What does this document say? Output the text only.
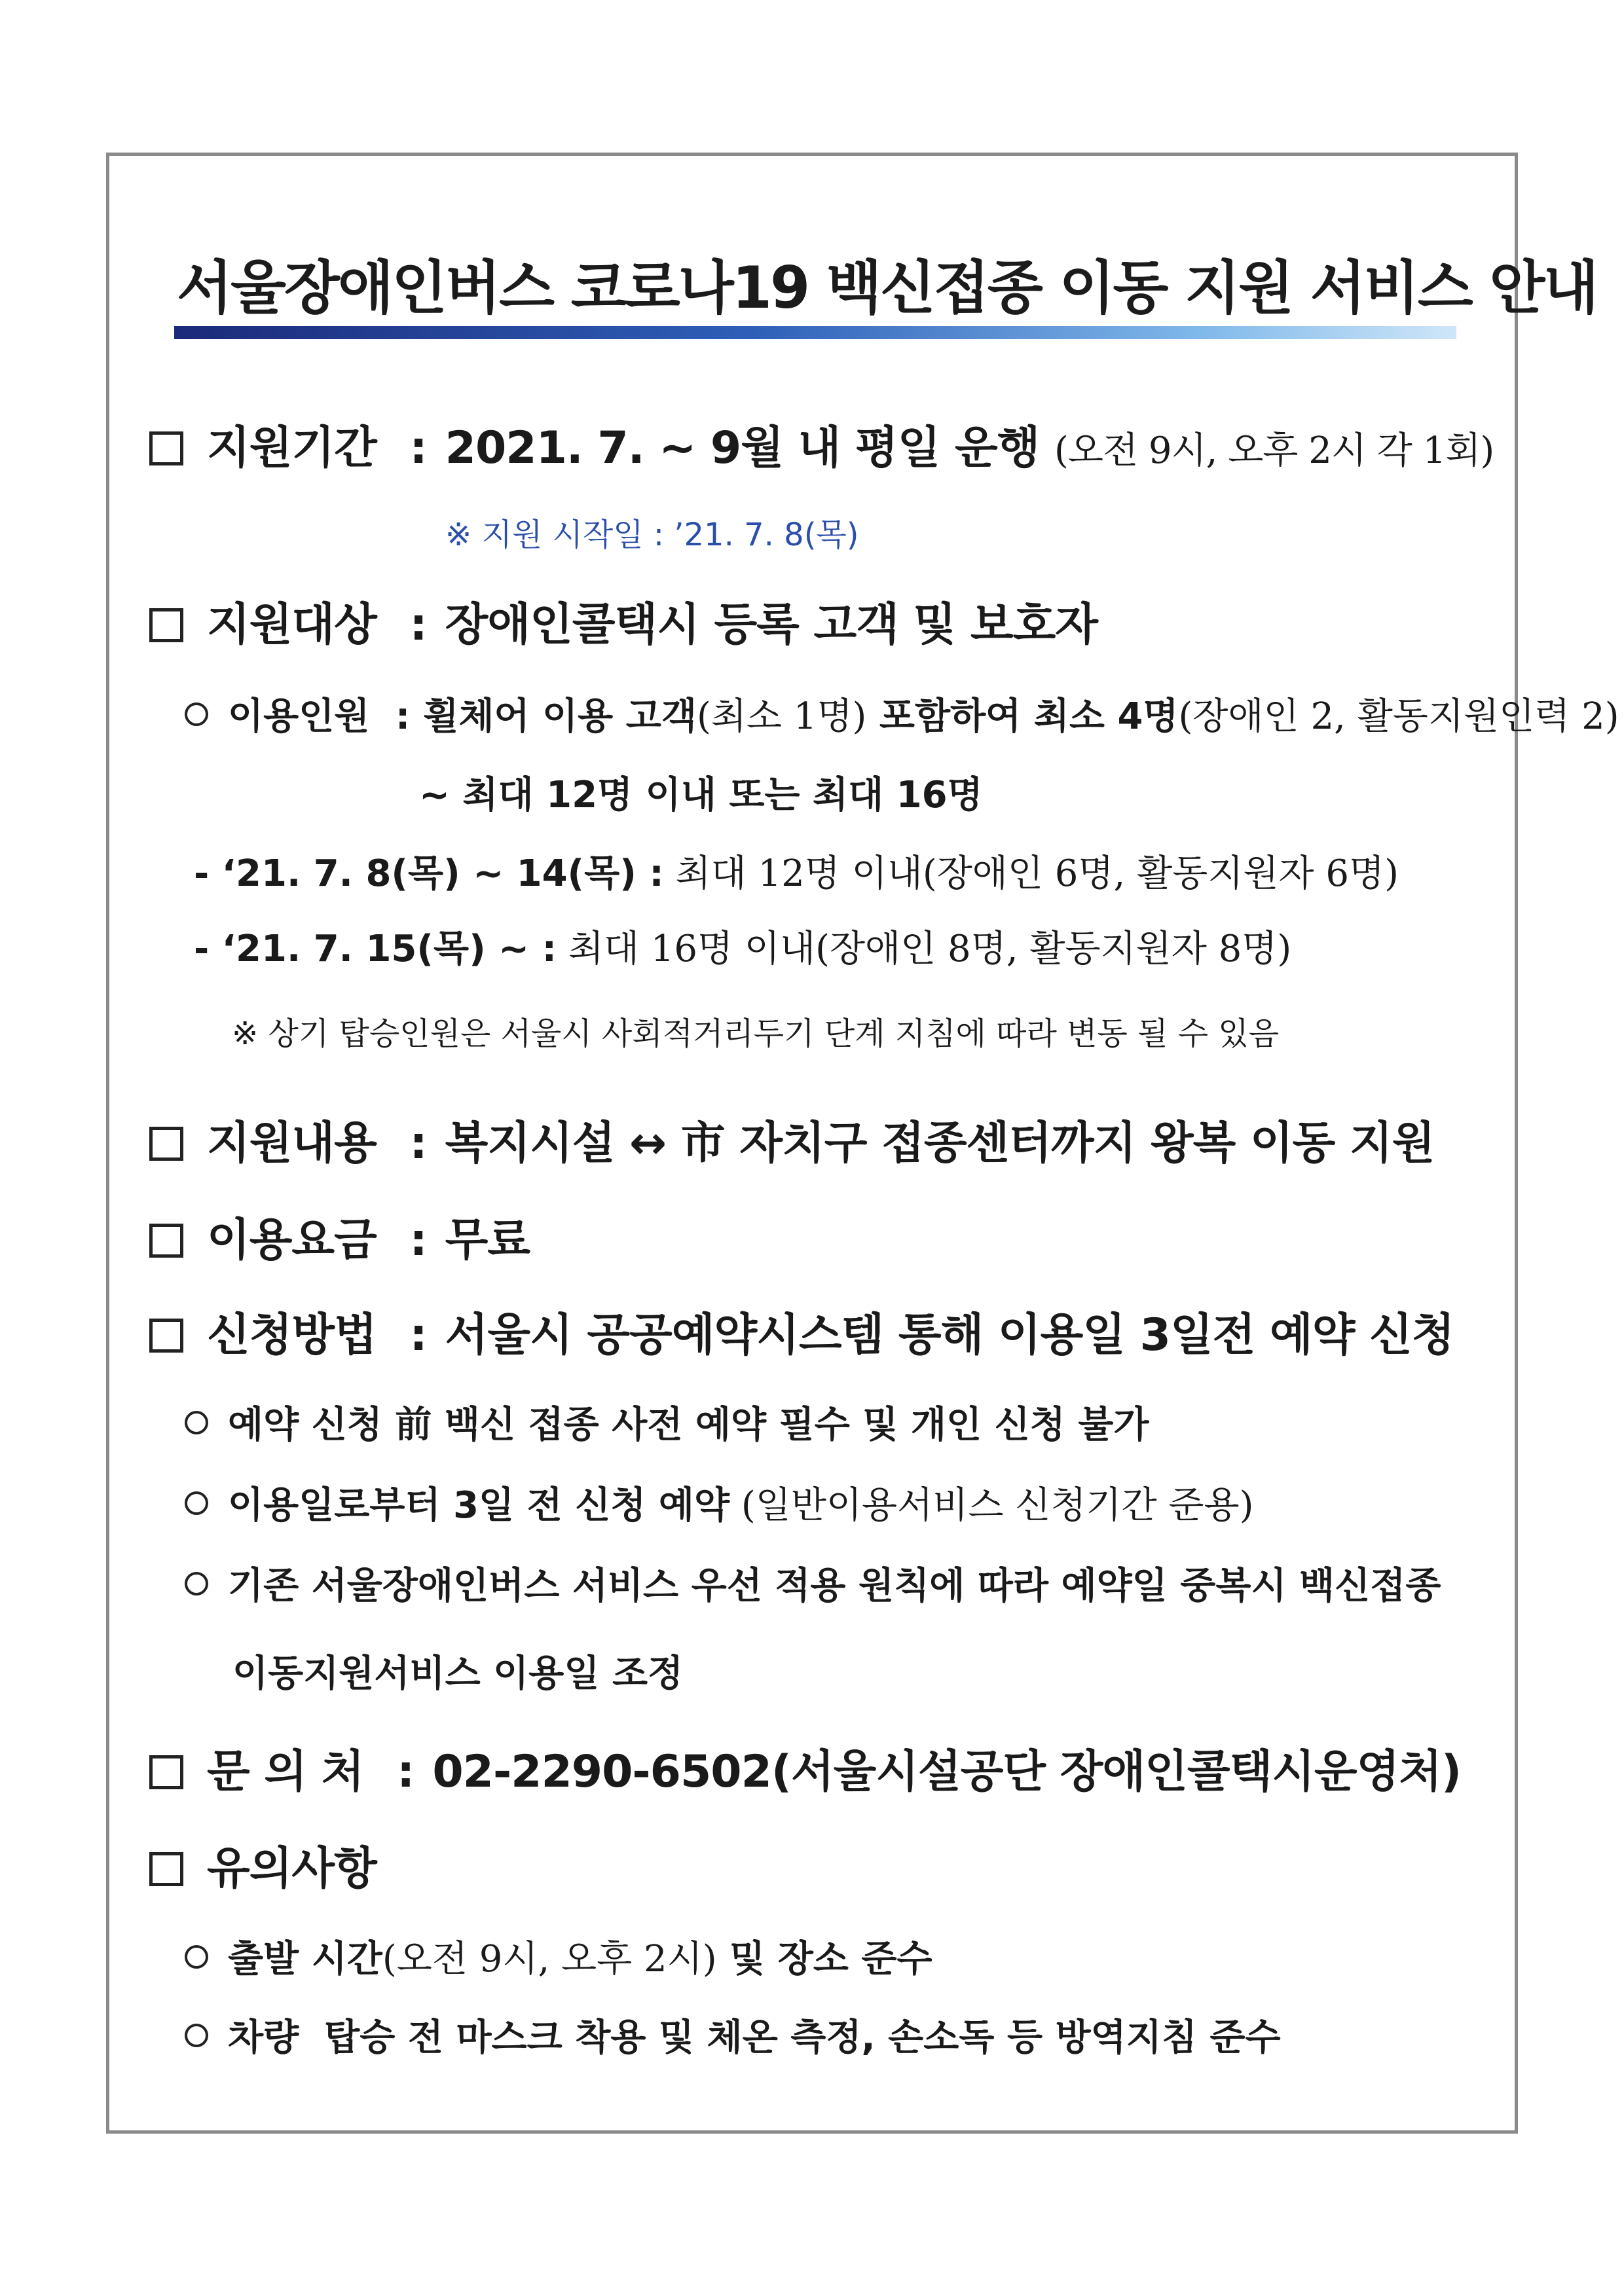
서울장애인버스 코로나19 백신접종 이동 지원 서비스 안내
지원기간 : 2021. 7. ~ 9월 내 평일 운행 (오전 9시, 오후 2시 각 1회)
※ 지원 시작일 : ’21. 7. 8(목)
지원대상 : 장애인콜택시 등록 고객 및 보호자
이용인원 : 휠체어 이용 고객(최소 1명) 포함하여 최소 4명(장애인 2, 활동지원인력 2)
~ 최대 12명 이내 또는 최대 16명
- ‘21. 7. 8(목) ~ 14(목) : 최대 12명 이내(장애인 6명, 활동지원자 6명)
- ‘21. 7. 15(목) ~ : 최대 16명 이내(장애인 8명, 활동지원자 8명)
※ 상기 탑승인원은 서울시 사회적거리두기 단계 지침에 따라 변동 될 수 있음
지원내용 : 복지시설 ↔ 市 자치구 접종센터까지 왕복 이동 지원
이용요금 : 무료
신청방법 : 서울시 공공예약시스템 통해 이용일 3일전 예약 신청
예약 신청 前 백신 접종 사전 예약 필수 및 개인 신청 불가
이용일로부터 3일 전 신청 예약 (일반이용서비스 신청기간 준용)
기존 서울장애인버스 서비스 우선 적용 원칙에 따라 예약일 중복시 백신접종
이동지원서비스 이용일 조정
문 의 처 : 02-2290-6502(서울시설공단 장애인콜택시운영처)
유의사항
출발 시간(오전 9시, 오후 2시) 및 장소 준수
차량  탑승 전 마스크 착용 및 체온 측정, 손소독 등 방역지침 준수
